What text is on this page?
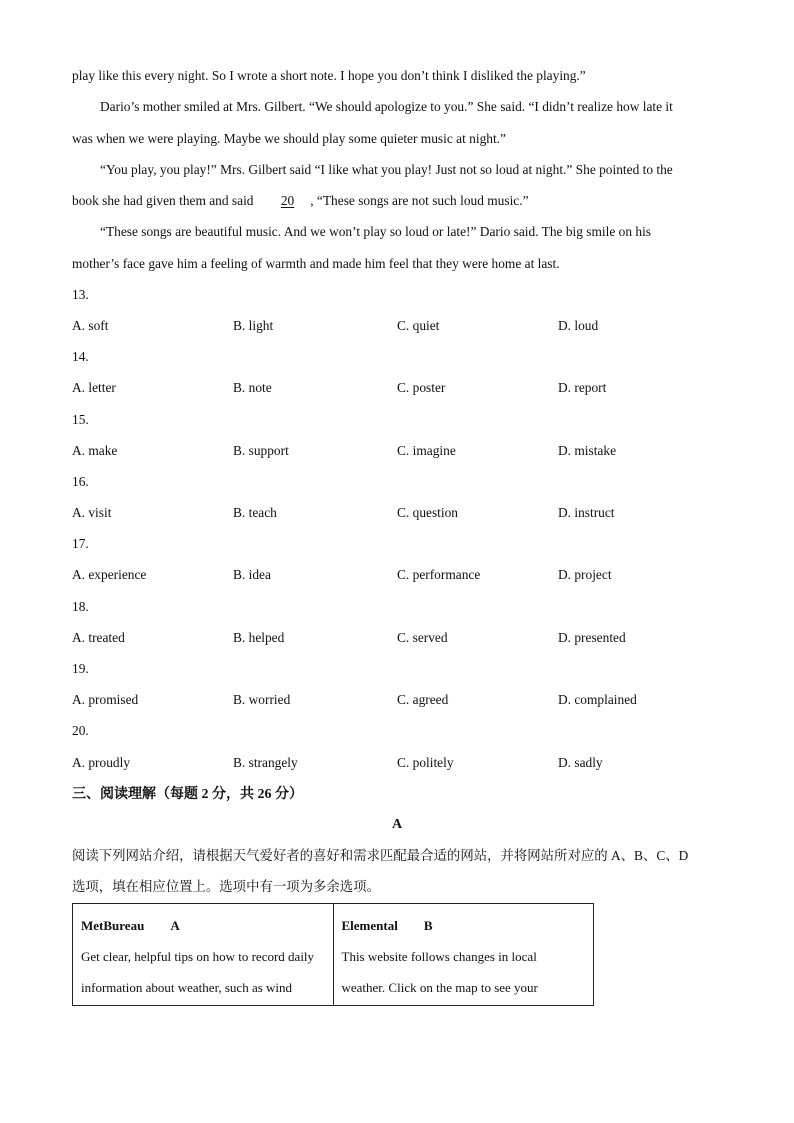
play like this every night. So I wrote a short note. I hope you don’t think I disliked the playing.”
Dario’s mother smiled at Mrs. Gilbert. “We should apologize to you.” She said. “I didn’t realize how late it
was when we were playing. Maybe we should play some quieter music at night.”
“You play, you play!” Mrs. Gilbert said “I like what you play! Just not so loud at night.” She pointed to the
book she had given them and said 20 , “These songs are not such loud music.”
“These songs are beautiful music. And we won’t play so loud or late!” Dario said. The big smile on his
mother’s face gave him a feeling of warmth and made him feel that they were home at last.
13.
A. soft	B. light	C. quiet	D. loud
14.
A. letter	B. note	C. poster	D. report
15.
A. make	B. support	C. imagine	D. mistake
16.
A. visit	B. teach	C. question	D. instruct
17.
A. experience	B. idea	C. performance	D. project
18.
A. treated	B. helped	C. served	D. presented
19.
A. promised	B. worried	C. agreed	D. complained
20.
A. proudly	B. strangely	C. politely	D. sadly
三、阅读理解（每题 2 分，共 26 分）
A
阅读下列网站介绍，请根据天气爱好者的喜好和需求匹配最合适的网站，并将网站所对应的 A、B、C、D
选项，填在相应位置上。选项中有一项为多余选项。
MetBureau A
Get clear, helpful tips on how to record daily
information about weather, such as wind

Elemental B
This website follows changes in local
weather. Click on the map to see your
